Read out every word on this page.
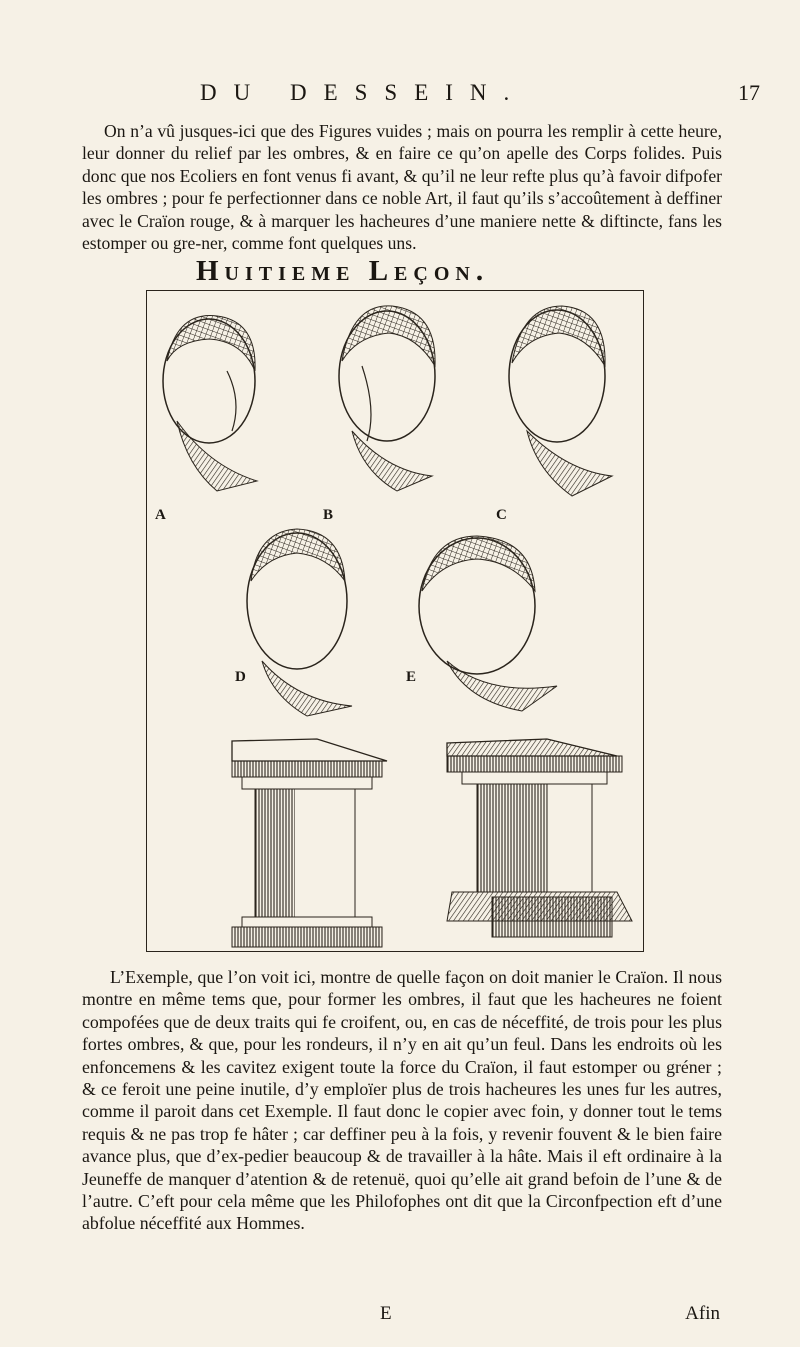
DU DESSEIN.	17

On n’a vû jusques-ici que des Figures vuides ; mais on pourra les remplir à cette heure, leur donner du relief par les ombres, & en faire ce qu’on apelle des Corps folides. Puis donc que nos Ecoliers en font venus fi avant, & qu’il ne leur refte plus qu’à favoir difpofer les ombres ; pour fe perfectionner dans ce noble Art, il faut qu’ils s’accoûtement à deffiner avec le Craïon rouge, & à marquer les hacheures d’une maniere nette & diftincte, fans les estomper ou gre-ner, comme font quelques uns.

Huitieme Leçon.
A	B	C
D	E

L’Exemple, que l’on voit ici, montre de quelle façon on doit manier le Craïon. Il nous montre en même tems que, pour former les ombres, il faut que les hacheures ne foient compofées que de deux traits qui fe croifent, ou, en cas de néceffité, de trois pour les plus fortes ombres, & que, pour les rondeurs, il n’y en ait qu’un feul. Dans les endroits où les enfoncemens & les cavitez exigent toute la force du Craïon, il faut estomper ou gréner ; & ce feroit une peine inutile, d’y emploïer plus de trois hacheures les unes fur les autres, comme il paroit dans cet Exemple. Il faut donc le copier avec foin, y donner tout le tems requis & ne pas trop fe hâter ; car deffiner peu à la fois, y revenir fouvent & le bien faire avance plus, que d’ex-pedier beaucoup & de travailler à la hâte. Mais il eft ordinaire à la Jeuneffe de manquer d’atention & de retenuë, quoi qu’elle ait grand befoin de l’une & de l’autre. C’eft pour cela même que les Philofophes ont dit que la Circonfpection eft d’une abfolue néceffité aux Hommes.

E	Afin
